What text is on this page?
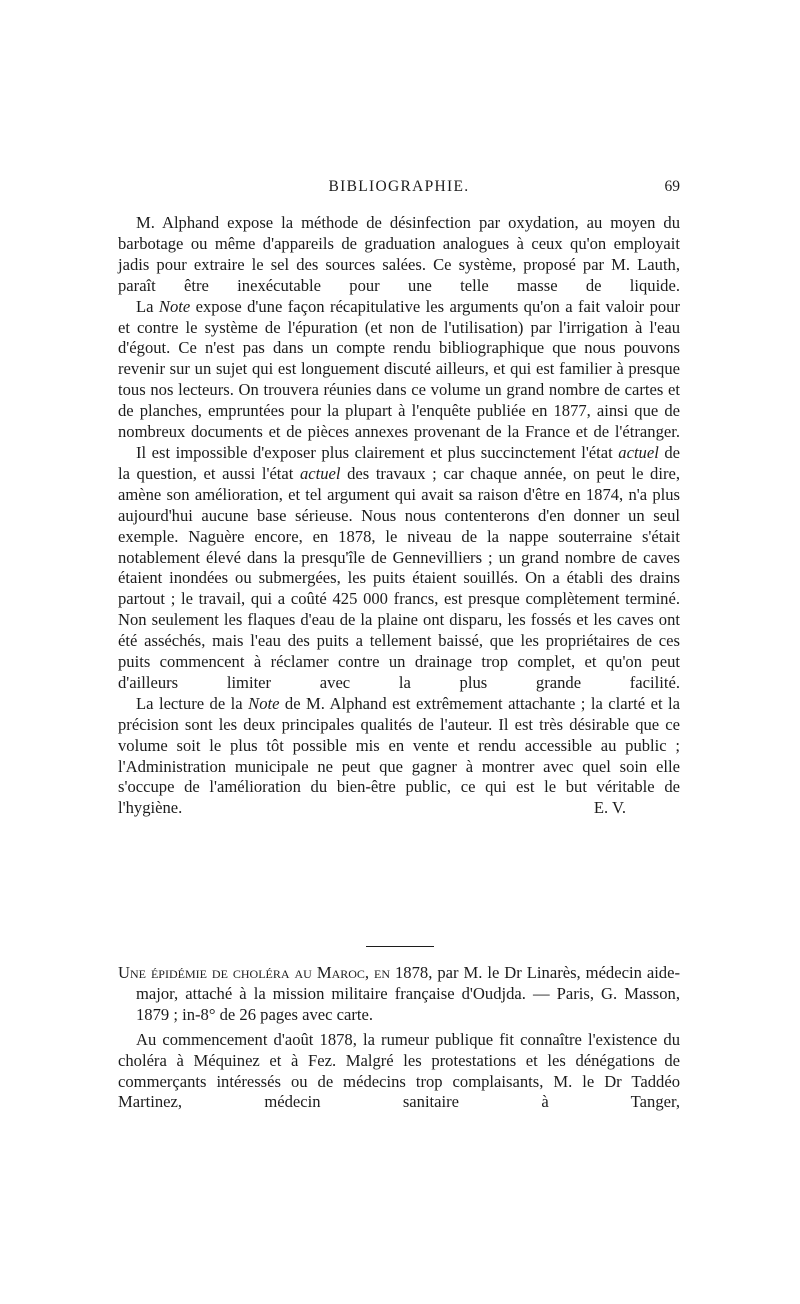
BIBLIOGRAPHIE.	69

M. Alphand expose la méthode de désinfection par oxydation, au moyen du barbotage ou même d'appareils de graduation analogues à ceux qu'on employait jadis pour extraire le sel des sources salées. Ce système, proposé par M. Lauth, paraît être inexécutable pour une telle masse de liquide.

La Note expose d'une façon récapitulative les arguments qu'on a fait valoir pour et contre le système de l'épuration (et non de l'utilisation) par l'irrigation à l'eau d'égout. Ce n'est pas dans un compte rendu bibliographique que nous pouvons revenir sur un sujet qui est longuement discuté ailleurs, et qui est familier à presque tous nos lecteurs. On trouvera réunies dans ce volume un grand nombre de cartes et de planches, empruntées pour la plupart à l'enquête publiée en 1877, ainsi que de nombreux documents et de pièces annexes provenant de la France et de l'étranger.

Il est impossible d'exposer plus clairement et plus succinctement l'état actuel de la question, et aussi l'état actuel des travaux ; car chaque année, on peut le dire, amène son amélioration, et tel argument qui avait sa raison d'être en 1874, n'a plus aujourd'hui aucune base sérieuse. Nous nous contenterons d'en donner un seul exemple. Naguère encore, en 1878, le niveau de la nappe souterraine s'était notablement élevé dans la presqu'île de Gennevilliers ; un grand nombre de caves étaient inondées ou submergées, les puits étaient souillés. On a établi des drains partout ; le travail, qui a coûté 425 000 francs, est presque complètement terminé. Non seulement les flaques d'eau de la plaine ont disparu, les fossés et les caves ont été asséchés, mais l'eau des puits a tellement baissé, que les propriétaires de ces puits commencent à réclamer contre un drainage trop complet, et qu'on peut d'ailleurs limiter avec la plus grande facilité.

La lecture de la Note de M. Alphand est extrêmement attachante ; la clarté et la précision sont les deux principales qualités de l'auteur. Il est très désirable que ce volume soit le plus tôt possible mis en vente et rendu accessible au public ; l'Administration municipale ne peut que gagner à montrer avec quel soin elle s'occupe de l'amélioration du bien-être public, ce qui est le but véritable de l'hygiène.	E. V.

Une épidémie de choléra au Maroc, en 1878, par M. le Dr Linarès, médecin aide-major, attaché à la mission militaire française d'Oudjda. — Paris, G. Masson, 1879 ; in-8° de 26 pages avec carte.

Au commencement d'août 1878, la rumeur publique fit connaître l'existence du choléra à Méquinez et à Fez. Malgré les protestations et les dénégations de commerçants intéressés ou de médecins trop complaisants, M. le Dr Taddéo Martinez, médecin sanitaire à Tanger,
